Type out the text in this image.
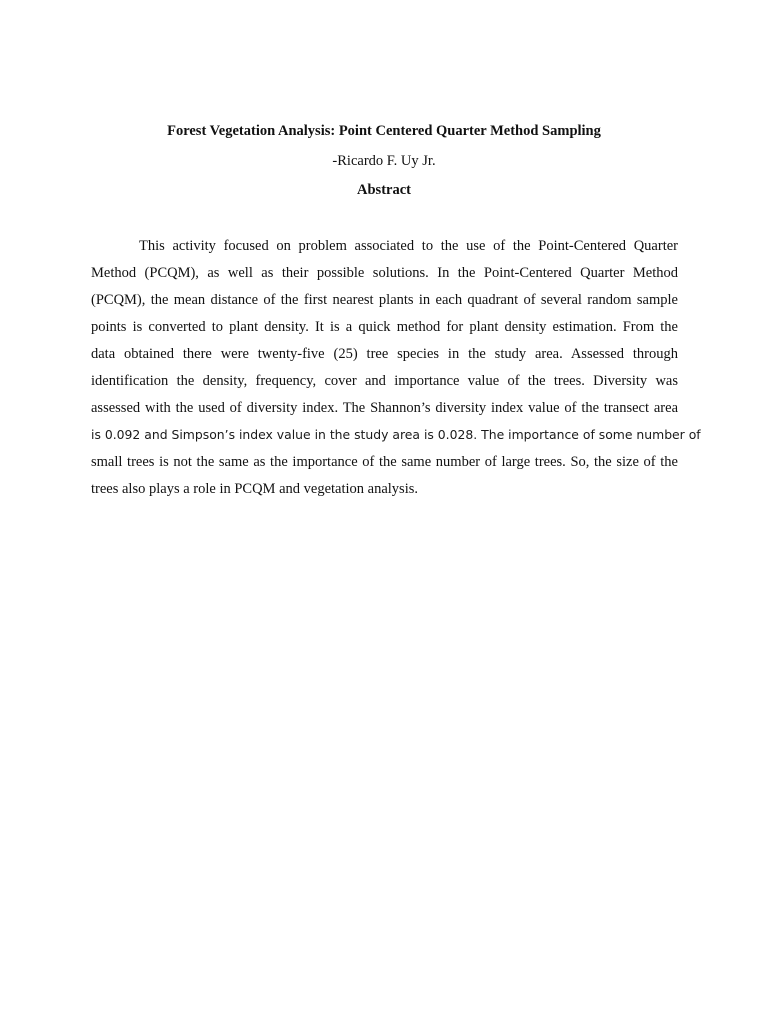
Forest Vegetation Analysis: Point Centered Quarter Method Sampling
-Ricardo F. Uy Jr.
Abstract
This activity focused on problem associated to the use of the Point-Centered Quarter
Method (PCQM), as well as their possible solutions. In the Point-Centered Quarter Method
(PCQM), the mean distance of the first nearest plants in each quadrant of several random sample
points is converted to plant density. It is a quick method for plant density estimation. From the
data obtained there were twenty-five (25) tree species in the study area. Assessed through
identification the density, frequency, cover and importance value of the trees. Diversity was
assessed with the used of diversity index. The Shannon’s diversity index value of the transect area
is 0.092 and Simpson’s index value in the study area is 0.028. The importance of some number of
small trees is not the same as the importance of the same number of large trees. So, the size of the
trees also plays a role in PCQM and vegetation analysis.
